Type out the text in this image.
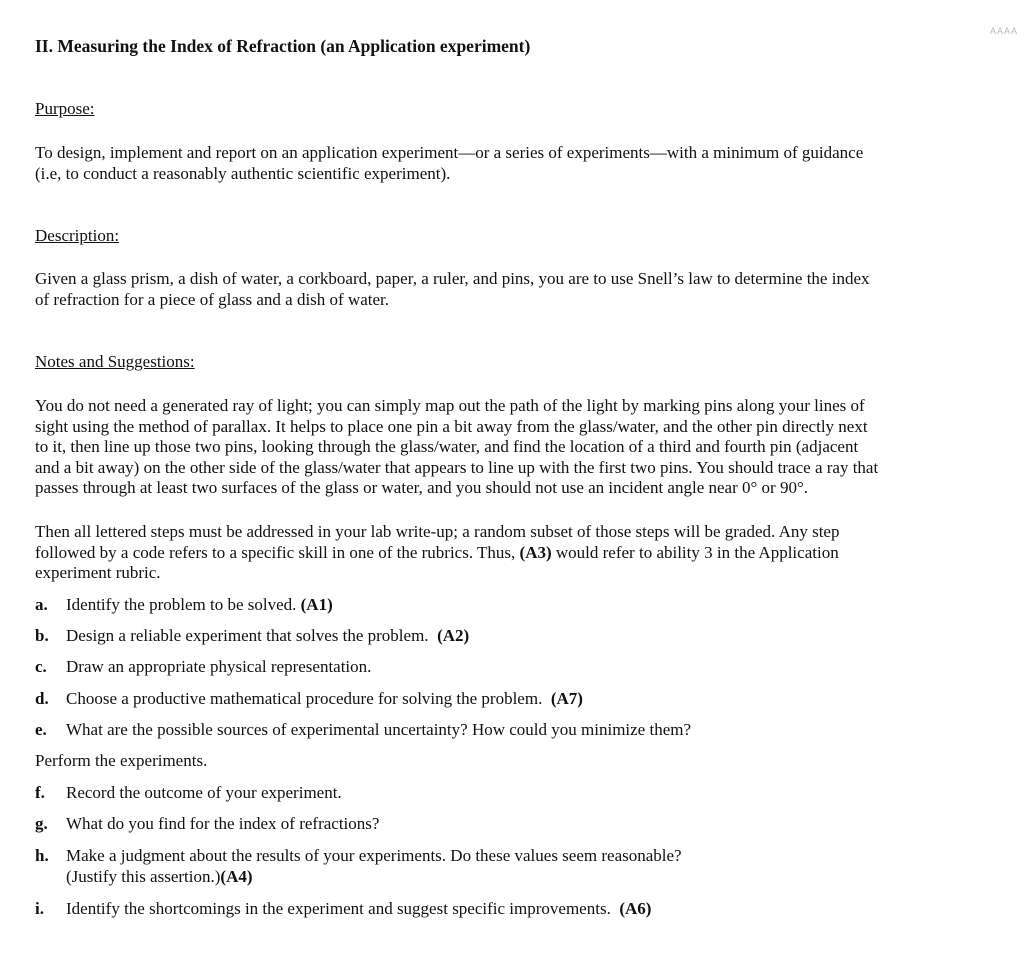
AAAA
II. Measuring the Index of Refraction (an Application experiment)
Purpose:
To design, implement and report on an application experiment—or a series of experiments—with a minimum of guidance
(i.e, to conduct a reasonably authentic scientific experiment).
Description:
Given a glass prism, a dish of water, a corkboard, paper, a ruler, and pins, you are to use Snell’s law to determine the index
of refraction for a piece of glass and a dish of water.
Notes and Suggestions:
You do not need a generated ray of light; you can simply map out the path of the light by marking pins along your lines of
sight using the method of parallax. It helps to place one pin a bit away from the glass/water, and the other pin directly next
to it, then line up those two pins, looking through the glass/water, and find the location of a third and fourth pin (adjacent
and a bit away) on the other side of the glass/water that appears to line up with the first two pins. You should trace a ray that
passes through at least two surfaces of the glass or water, and you should not use an incident angle near 0° or 90°.
Then all lettered steps must be addressed in your lab write-up; a random subset of those steps will be graded. Any step
followed by a code refers to a specific skill in one of the rubrics. Thus, (A3) would refer to ability 3 in the Application
experiment rubric.
a.	Identify the problem to be solved. (A1)
b.	Design a reliable experiment that solves the problem. (A2)
c.	Draw an appropriate physical representation.
d.	Choose a productive mathematical procedure for solving the problem. (A7)
e.	What are the possible sources of experimental uncertainty? How could you minimize them?
Perform the experiments.
f.	Record the outcome of your experiment.
g.	What do you find for the index of refractions?
h.	Make a judgment about the results of your experiments. Do these values seem reasonable?
(Justify this assertion.)(A4)
i.	Identify the shortcomings in the experiment and suggest specific improvements. (A6)
